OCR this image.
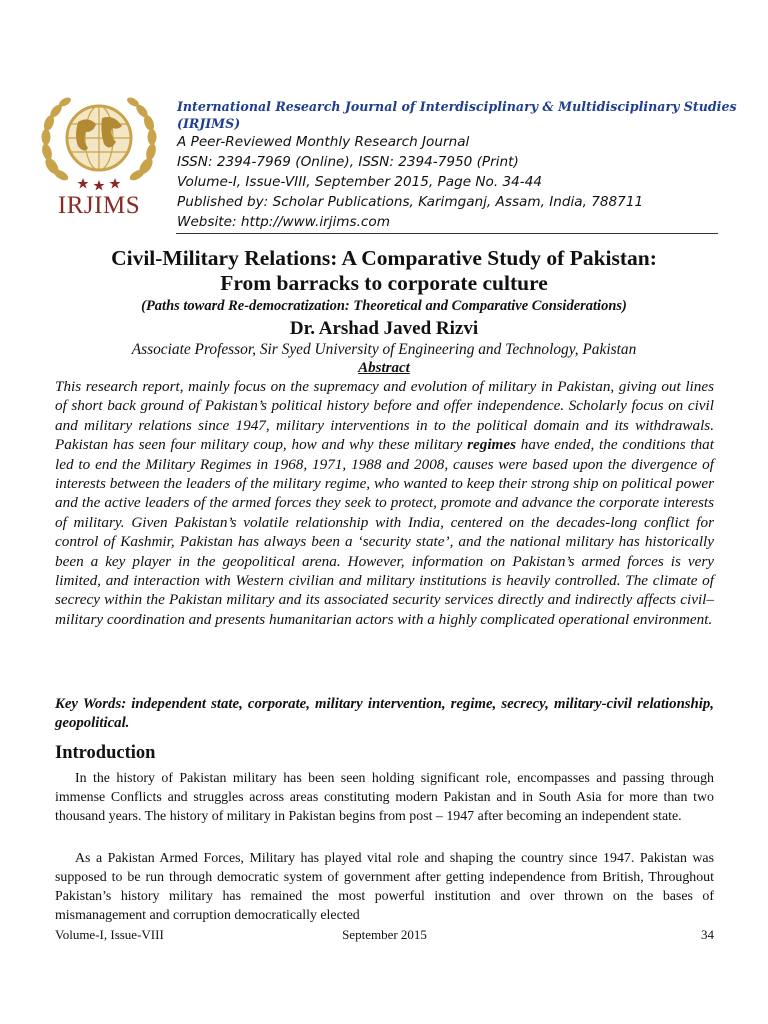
IRJIMS
International Research Journal of Interdisciplinary & Multidisciplinary Studies (IRJIMS)
A Peer-Reviewed Monthly Research Journal
ISSN: 2394-7969 (Online), ISSN: 2394-7950 (Print)
Volume-I, Issue-VIII, September 2015, Page No. 34-44
Published by: Scholar Publications, Karimganj, Assam, India, 788711
Website: http://www.irjims.com
Civil-Military Relations: A Comparative Study of Pakistan:
From barracks to corporate culture
(Paths toward Re-democratization: Theoretical and Comparative Considerations)
Dr. Arshad Javed Rizvi
Associate Professor, Sir Syed University of Engineering and Technology, Pakistan
Abstract

This research report, mainly focus on the supremacy and evolution of military in Pakistan, giving out lines of short back ground of Pakistan’s political history before and offer independence. Scholarly focus on civil and military relations since 1947, military interventions in to the political domain and its withdrawals. Pakistan has seen four military coup, how and why these military regimes have ended, the conditions that led to end the Military Regimes in 1968, 1971, 1988 and 2008, causes were based upon the divergence of interests between the leaders of the military regime, who wanted to keep their strong ship on political power and the active leaders of the armed forces they seek to protect, promote and advance the corporate interests of military. Given Pakistan’s volatile relationship with India, centered on the decades-long conflict for control of Kashmir, Pakistan has always been a ‘security state’, and the national military has historically been a key player in the geopolitical arena. However, information on Pakistan’s armed forces is very limited, and interaction with Western civilian and military institutions is heavily controlled. The climate of secrecy within the Pakistan military and its associated security services directly and indirectly affects civil–military coordination and presents humanitarian actors with a highly complicated operational environment.

Key Words: independent state, corporate, military intervention, regime, secrecy, military-civil relationship, geopolitical.
Introduction

In the history of Pakistan military has been seen holding significant role, encompasses and passing through immense Conflicts and struggles across areas constituting modern Pakistan and in South Asia for more than two thousand years. The history of military in Pakistan begins from post – 1947 after becoming an independent state.

As a Pakistan Armed Forces, Military has played vital role and shaping the country since 1947. Pakistan was supposed to be run through democratic system of government after getting independence from British, Throughout Pakistan’s history military has remained the most powerful institution and over thrown on the bases of mismanagement and corruption democratically elected

Volume-I, Issue-VIII	September 2015	34
